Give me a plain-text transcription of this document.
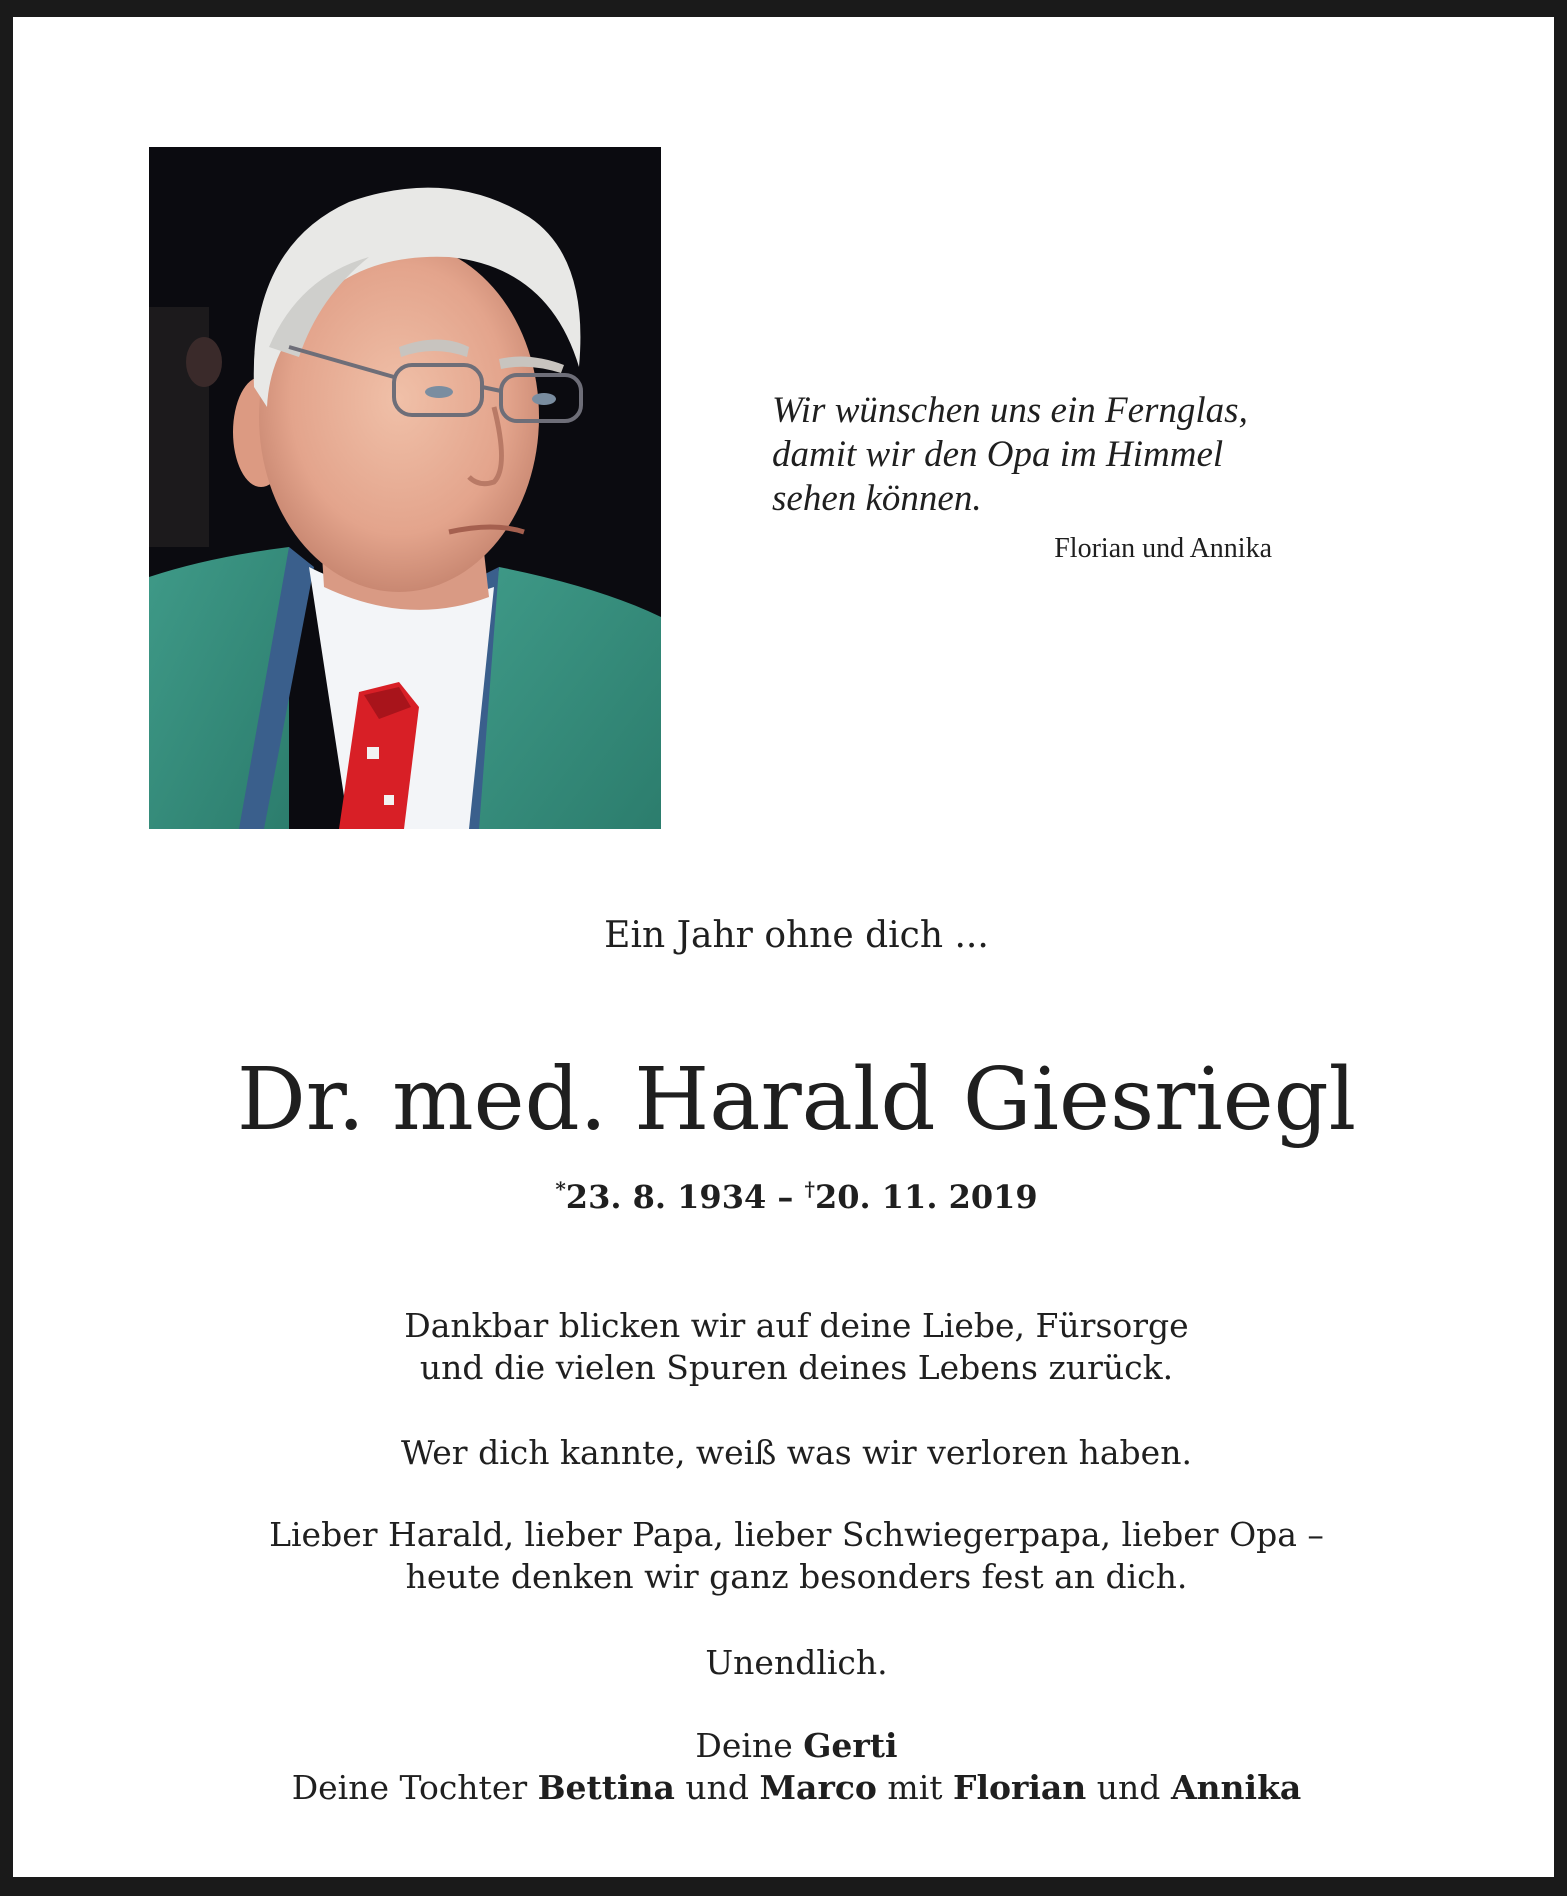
Wir wünschen uns ein Fernglas,
damit wir den Opa im Himmel
sehen können.

Florian und Annika
Ein Jahr ohne dich ...
Dr. med. Harald Giesriegl
*23. 8. 1934 – †20. 11. 2019
Dankbar blicken wir auf deine Liebe, Fürsorge
und die vielen Spuren deines Lebens zurück.
Wer dich kannte, weiß was wir verloren haben.
Lieber Harald, lieber Papa, lieber Schwiegerpapa, lieber Opa –
heute denken wir ganz besonders fest an dich.
Unendlich.
Deine Gerti
Deine Tochter Bettina und Marco mit Florian und Annika
